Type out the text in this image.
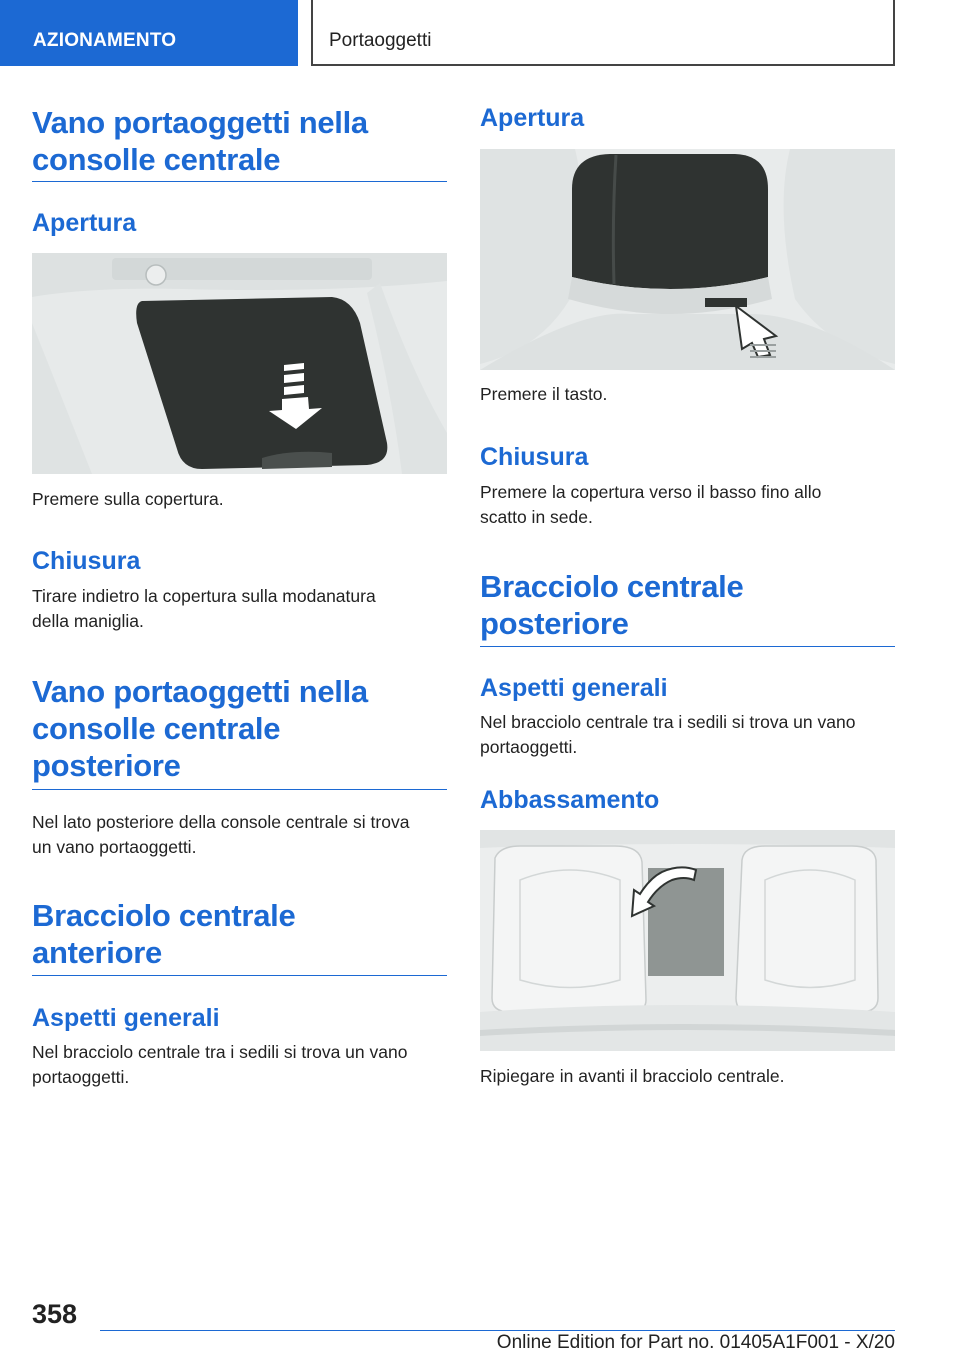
AZIONAMENTO	Portaoggetti
Vano portaoggetti nella
consolle centrale
Apertura
Premere sulla copertura.
Chiusura
Tirare indietro la copertura sulla modanatura
della maniglia.
Vano portaoggetti nella
consolle centrale
posteriore
Nel lato posteriore della console centrale si trova
un vano portaoggetti.
Bracciolo centrale
anteriore
Aspetti generali
Nel bracciolo centrale tra i sedili si trova un vano
portaoggetti.
Apertura
Premere il tasto.
Chiusura
Premere la copertura verso il basso fino allo
scatto in sede.
Bracciolo centrale
posteriore
Aspetti generali
Nel bracciolo centrale tra i sedili si trova un vano
portaoggetti.
Abbassamento
Ripiegare in avanti il bracciolo centrale.
358
Online Edition for Part no. 01405A1F001 - X/20
